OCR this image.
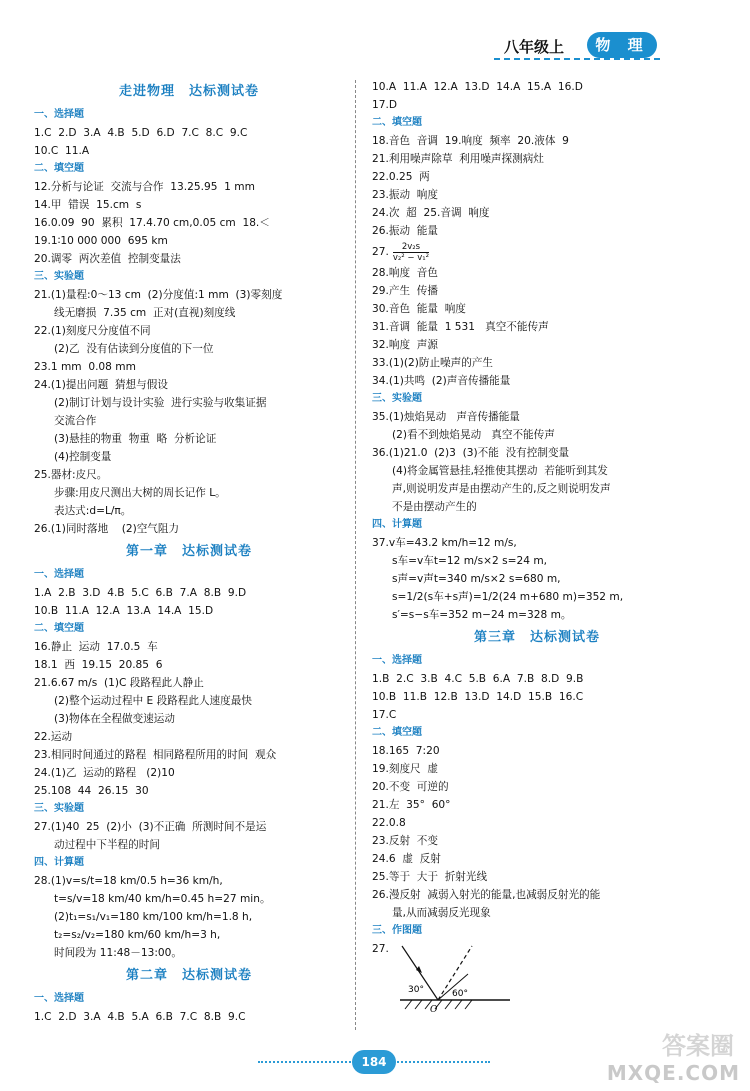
八年级上	物 理
走进物理　达标测试卷
一、选择题
1.C  2.D  3.A  4.B  5.D  6.D  7.C  8.C  9.C
10.C  11.A
二、填空题
12.分析与论证  交流与合作  13.25.95  1 mm
14.甲  错误  15.cm  s
16.0.09  90  累积  17.4.70 cm,0.05 cm  18.＜
19.1∶10 000 000  695 km
20.调零  两次差值  控制变量法
三、实验题
21.(1)量程:0～13 cm  (2)分度值:1 mm  (3)零刻度
线无磨损  7.35 cm  正对(直视)刻度线
22.(1)刻度尺分度值不同
(2)乙  没有估读到分度值的下一位
23.1 mm  0.08 mm
24.(1)提出问题  猜想与假设
(2)制订计划与设计实验  进行实验与收集证据
交流合作
(3)悬挂的物重  物重  略  分析论证
(4)控制变量
25.器材:皮尺。
步骤:用皮尺测出大树的周长记作 L。
表达式:d=L/π。
26.(1)同时落地    (2)空气阻力
第一章　达标测试卷
一、选择题
1.A  2.B  3.D  4.B  5.C  6.B  7.A  8.B  9.D
10.B  11.A  12.A  13.A  14.A  15.D
二、填空题
16.静止  运动  17.0.5  车
18.1  西  19.15  20.85  6
21.6.67 m/s  (1)C 段路程此人静止
(2)整个运动过程中 E 段路程此人速度最快
(3)物体在全程做变速运动
22.运动
23.相同时间通过的路程  相同路程所用的时间  观众
24.(1)乙  运动的路程   (2)10
25.108  44  26.15  30
三、实验题
27.(1)40  25  (2)小  (3)不正确  所测时间不是运
动过程中下半程的时间
四、计算题
28.(1)v=s/t=18 km/0.5 h=36 km/h,
t=s/v=18 km/40 km/h=0.45 h=27 min。
(2)t₁=s₁/v₁=180 km/100 km/h=1.8 h,
t₂=s₂/v₂=180 km/60 km/h=3 h,
时间段为 11:48－13:00。
第二章　达标测试卷
一、选择题
1.C  2.D  3.A  4.B  5.A  6.B  7.C  8.B  9.C
10.A  11.A  12.A  13.D  14.A  15.A  16.D
17.D
二、填空题
18.音色  音调  19.响度  频率  20.液体  9
21.利用噪声除草  利用噪声探测病灶
22.0.25  两
23.振动  响度
24.次  超  25.音调  响度
26.振动  能量
27. $\frac{\text{2v₂s}}{\text{v₂² − v₁²}}$
28.响度  音色
29.产生  传播
30.音色  能量  响度
31.音调  能量  1 531   真空不能传声
32.响度  声源
33.(1)(2)防止噪声的产生
34.(1)共鸣  (2)声音传播能量
三、实验题
35.(1)烛焰晃动   声音传播能量
(2)看不到烛焰晃动   真空不能传声
36.(1)21.0  (2)3  (3)不能  没有控制变量
(4)将金属管悬挂,轻推使其摆动  若能听到其发
声,则说明发声是由摆动产生的,反之则说明发声
不是由摆动产生的
四、计算题
37.v车=43.2 km/h=12 m/s,
s车=v车t=12 m/s×2 s=24 m,
s声=v声t=340 m/s×2 s=680 m,
s=1/2(s车+s声)=1/2(24 m+680 m)=352 m,
s′=s−s车=352 m−24 m=328 m。
第三章　达标测试卷
一、选择题
1.B  2.C  3.B  4.C  5.B  6.A  7.B  8.D  9.B
10.B  11.B  12.B  13.D  14.D  15.B  16.C
17.C
二、填空题
18.165  7:20
19.刻度尺  虚
20.不变  可逆的
21.左  35°  60°
22.0.8
23.反射  不变
24.6  虚  反射
25.等于  大于  折射光线
26.漫反射  减弱入射光的能量,也减弱反射光的能
量,从而减弱反光现象
三、作图题
27.
30°	60°
O
184
答案圈
MXQE.COM
